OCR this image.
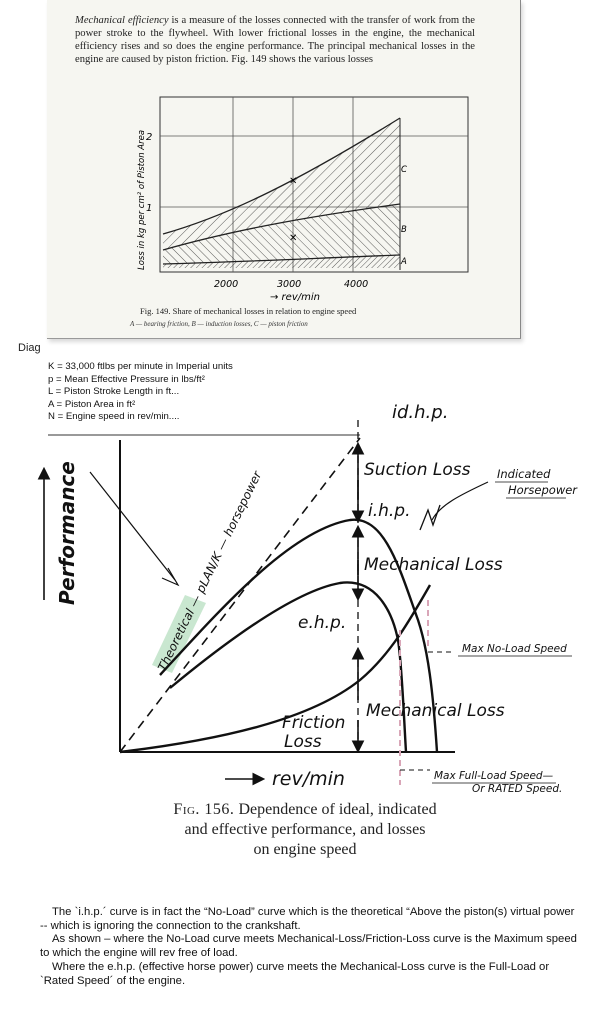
Mechanical efficiency is a measure of the losses connected with the transfer of work from the power stroke to the flywheel. With lower frictional losses in the engine, the mechanical efficiency rises and so does the engine performance. The principal mechanical losses in the engine are caused by piston friction. Fig. 149 shows the various losses
✕
✕
2
1
2000	3000	4000
→ rev/min
Loss in kg per cm² of Piston Area	C
B
A
Fig. 149. Share of mechanical losses in relation to engine speed
A — bearing friction, B — induction losses, C — piston friction
Diag
K = 33,000 ftlbs per minute in Imperial units
p = Mean Effective Pressure in lbs/ft²
L = Piston Stroke Length in ft...
A = Piston Area in ft²
N = Engine speed in rev/min....
Performance
rev/min
id.h.p.
Suction Loss
i.h.p.
Mechanical Loss
e.h.p.
Mechanical Loss
Friction
Loss
Theoretical — pLAN/K — horsepower	Indicated
Horsepower
Max No-Load Speed
Max Full-Load Speed—
Or RATED Speed.
Fig. 156. Dependence of ideal, indicated
and effective performance, and losses
on engine speed

The `i.h.p.´ curve is in fact the “No-Load” curve which is the theoretical “Above the piston(s) virtual power -- which is ignoring the connection to the crankshaft.

As shown – where the No-Load curve meets Mechanical-Loss/Friction-Loss curve is the Maximum speed to which the engine will rev free of load.

Where the e.h.p. (effective horse power) curve meets the Mechanical-Loss curve is the Full-Load or `Rated Speed´ of the engine.
